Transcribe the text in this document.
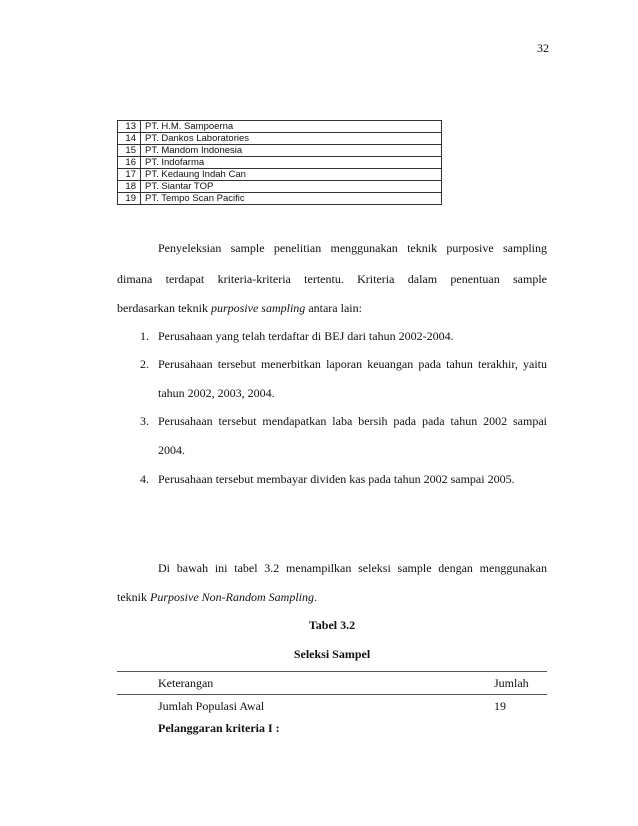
32
13	PT. H.M. Sampoerna
14	PT. Dankos Laboratories
15	PT. Mandom Indonesia
16	PT. Indofarma
17	PT. Kedaung Indah Can
18	PT. Siantar TOP
19	PT. Tempo Scan Pacific
Penyeleksian sample penelitian menggunakan teknik purposive sampling
dimana terdapat kriteria-kriteria tertentu. Kriteria dalam penentuan sample
berdasarkan teknik purposive sampling antara lain:
1. Perusahaan yang telah terdaftar di BEJ dari tahun 2002-2004.
2. Perusahaan tersebut menerbitkan laporan keuangan pada tahun terakhir, yaitu
tahun 2002, 2003, 2004.
3. Perusahaan tersebut mendapatkan laba bersih pada pada tahun 2002 sampai
2004.
4. Perusahaan tersebut membayar dividen kas pada tahun 2002 sampai 2005.
Di bawah ini tabel 3.2 menampilkan seleksi sample dengan menggunakan
teknik Purposive Non-Random Sampling.
Tabel 3.2
Seleksi Sampel
Keterangan	Jumlah
Jumlah Populasi Awal	19
Pelanggaran kriteria I :
